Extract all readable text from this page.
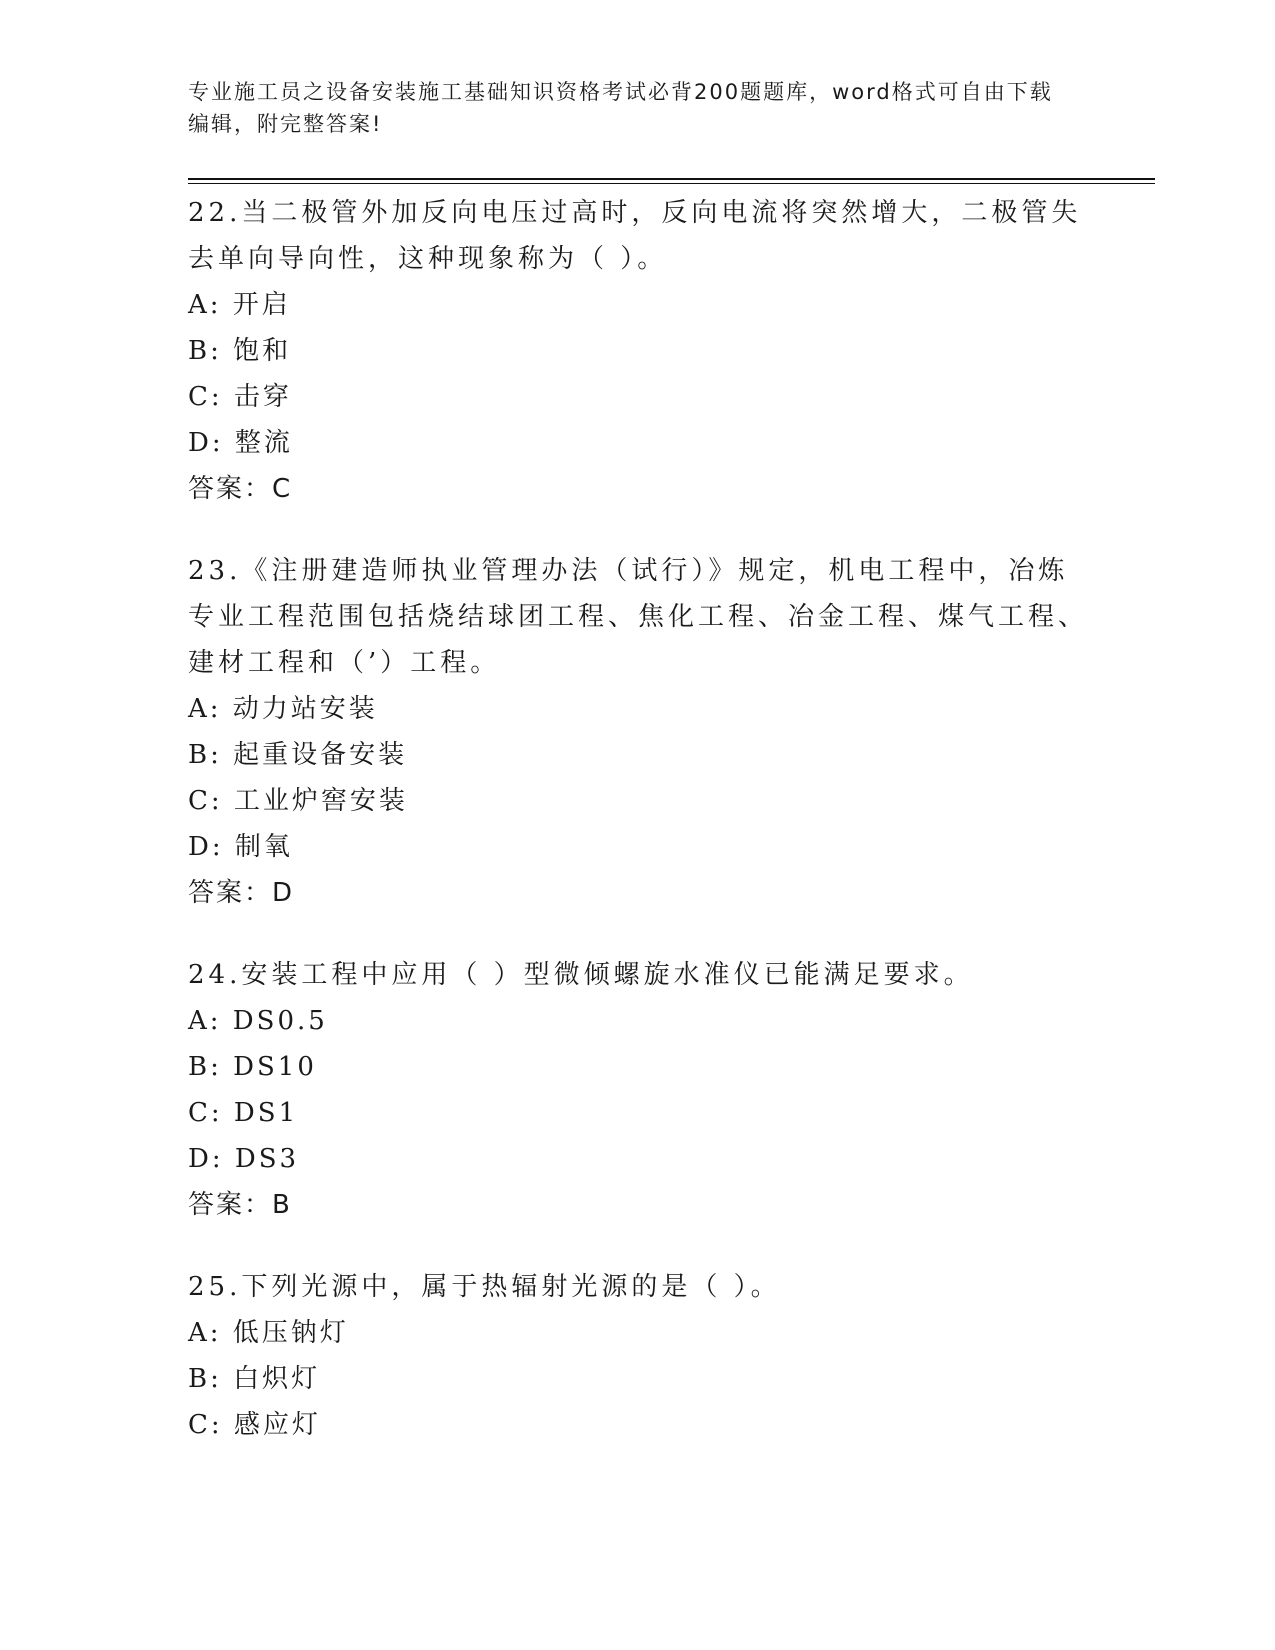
专业施工员之设备安装施工基础知识资格考试必背200题题库，word格式可自由下载编辑，附完整答案!
22.当二极管外加反向电压过高时，反向电流将突然增大，二极管失去单向导向性，这种现象称为（ ）。
A: 开启
B: 饱和
C: 击穿
D: 整流
答案：C
23.《注册建造师执业管理办法（试行）》规定，机电工程中，冶炼专业工程范围包括烧结球团工程、焦化工程、冶金工程、煤气工程、建材工程和（’）工程。
A: 动力站安装
B: 起重设备安装
C: 工业炉窖安装
D: 制氧
答案：D
24.安装工程中应用（ ）型微倾螺旋水准仪已能满足要求。
A: DS0.5
B: DS10
C: DS1
D: DS3
答案：B
25.下列光源中，属于热辐射光源的是（ ）。
A: 低压钠灯
B: 白炽灯
C: 感应灯
